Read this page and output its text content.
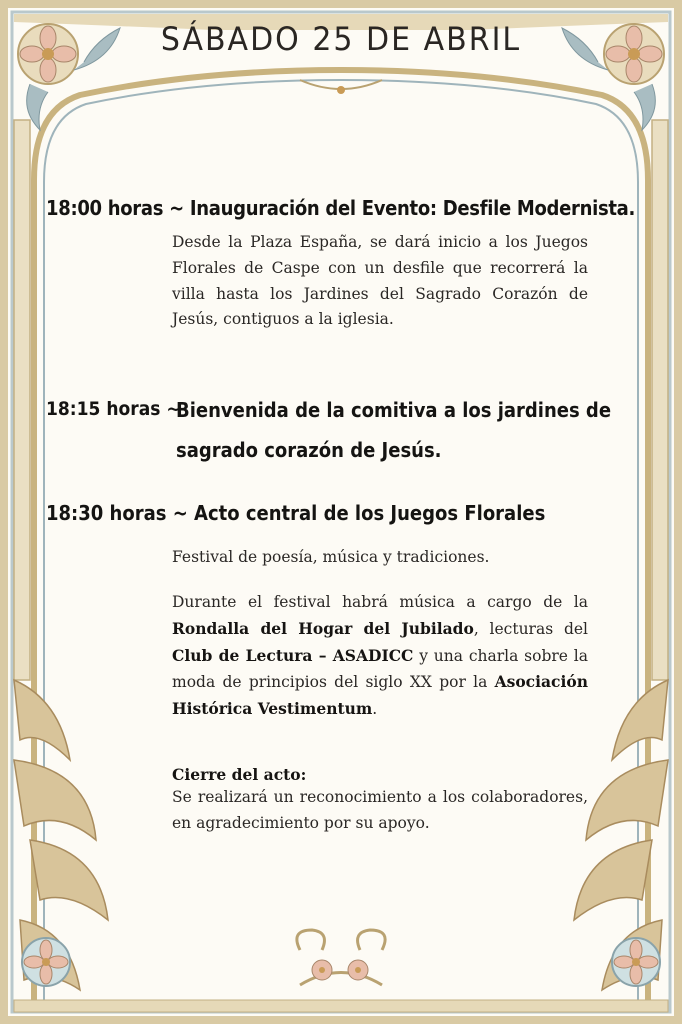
SÁBADO 25 DE ABRIL
18:00 horas ~ Inauguración del Evento: Desfile Modernista.
Desde la Plaza España, se dará inicio a los Juegos Florales de Caspe con un desfile que recorrerá la villa hasta los Jardines del Sagrado Corazón de Jesús, contiguos a la iglesia.
18:15 horas ~
Bienvenida de la comitiva a los jardines de
sagrado corazón de Jesús.
18:30 horas ~ Acto central de los Juegos Florales
Festival de poesía, música y tradiciones.
Durante el festival habrá música a cargo de la Rondalla del Hogar del Jubilado, lecturas del Club de Lectura – ASADICC y una charla sobre la moda de principios del siglo XX por la Asociación Histórica Vestimentum.
Cierre del acto:
Se realizará un reconocimiento a los colaboradores, en agradecimiento por su apoyo.
